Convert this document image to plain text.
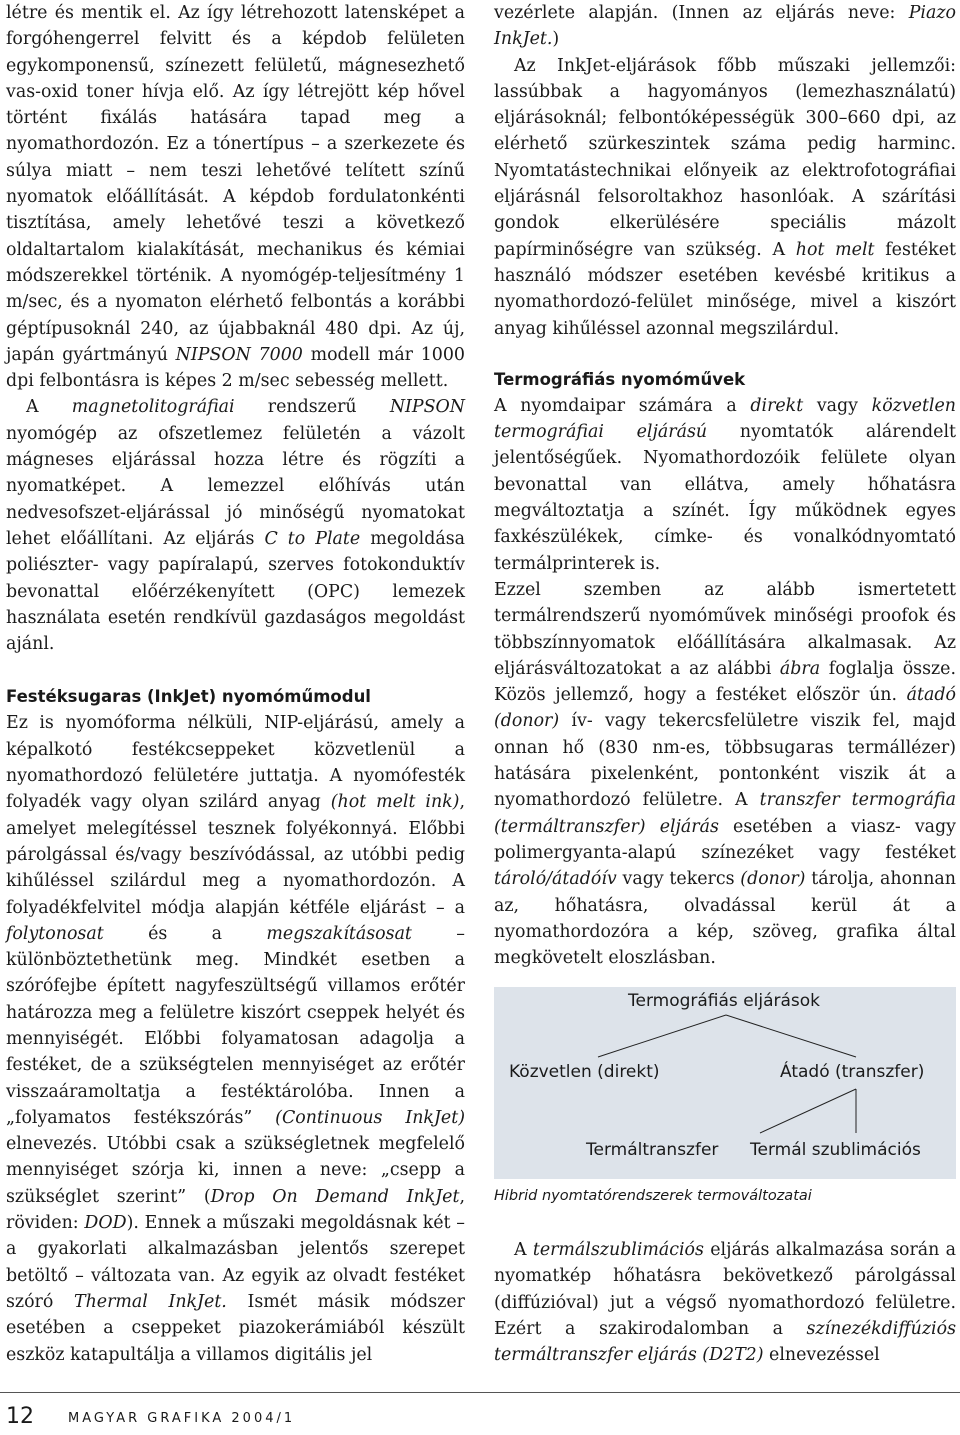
létre és mentik el. Az így létrehozott latensképet a forgóhengerrel felvitt és a képdob felületen egykomponensű, színezett felületű, mágnesezhető vas-oxid toner hívja elő. Az így létrejött kép hővel történt fixálás hatására tapad meg a nyomathordozón. Ez a tónertípus – a szerkezete és súlya miatt – nem teszi lehetővé telített színű nyomatok előállítását. A képdob fordulatonkénti tisztítása, amely lehetővé teszi a következő oldaltartalom kialakítását, mechanikus és kémiai módszerekkel történik. A nyomógép-teljesítmény 1 m/sec, és a nyomaton elérhető felbontás a korábbi géptípusoknál 240, az újabbaknál 480 dpi. Az új, japán gyártmányú NIPSON 7000 modell már 1000 dpi felbontásra is képes 2 m/sec sebesség mellett.

A magnetolitográfiai rendszerű NIPSON nyomógép az ofszetlemez felületén a vázolt mágneses eljárással hozza létre és rögzíti a nyomatképet. A lemezzel előhívás után nedvesofszet-eljárással jó minőségű nyomatokat lehet előállítani. Az eljárás C to Plate megoldása poliészter- vagy papíralapú, szerves fotokonduktív bevonattal előérzékenyített (OPC) lemezek használata esetén rendkívül gazdaságos megoldást ajánl.

Festéksugaras (InkJet) nyomóműmodul

Ez is nyomóforma nélküli, NIP-eljárású, amely a képalkotó festékcseppeket közvetlenül a nyomathordozó felületére juttatja. A nyomófesték folyadék vagy olyan szilárd anyag (hot melt ink), amelyet melegítéssel tesznek folyékonnyá. Előbbi párolgással és/vagy beszívódással, az utóbbi pedig kihűléssel szilárdul meg a nyomathordozón. A folyadékfelvitel módja alapján kétféle eljárást – a folytonosat és a megszakításosat – különböztethetünk meg. Mindkét esetben a szórófejbe épített nagyfeszültségű villamos erőtér határozza meg a felületre kiszórt cseppek helyét és mennyiségét. Előbbi folyamatosan adagolja a festéket, de a szükségtelen mennyiséget az erőtér visszaáramoltatja a festéktárolóba. Innen a „folyamatos festékszórás” (Continuous InkJet) elnevezés. Utóbbi csak a szükségletnek megfelelő mennyiséget szórja ki, innen a neve: „csepp a szükséglet szerint” (Drop On Demand InkJet, röviden: DOD). Ennek a műszaki megoldásnak két – a gyakorlati alkalmazásban jelentős szerepet betöltő – változata van. Az egyik az olvadt festéket szóró Thermal InkJet. Ismét másik módszer esetében a cseppeket piazokerámiából készült eszköz katapultálja a villamos digitális jel

vezérlete alapján. (Innen az eljárás neve: Piazo InkJet.)

Az InkJet-eljárások főbb műszaki jellemzői: lassúbbak a hagyományos (lemezhasználatú) eljárásoknál; felbontóképességük 300–660 dpi, az elérhető szürkeszintek száma pedig harminc. Nyomtatástechnikai előnyeik az elektrofotográfiai eljárásnál felsoroltakhoz hasonlóak. A szárítási gondok elkerülésére speciális mázolt papírminőségre van szükség. A hot melt festéket használó módszer esetében kevésbé kritikus a nyomathordozó-felület minősége, mivel a kiszórt anyag kihűléssel azonnal megszilárdul.

Termográfiás nyomóművek

A nyomdaipar számára a direkt vagy közvetlen termográfiai eljárású nyomtatók alárendelt jelentőségűek. Nyomathordozóik felülete olyan bevonattal van ellátva, amely hőhatásra megváltoztatja a színét. Így működnek egyes faxkészülékek, címke- és vonalkódnyomtató termálprinterek is.

Ezzel szemben az alább ismertetett termálrendszerű nyomóművek minőségi proofok és többszínnyomatok előállítására alkalmasak. Az eljárásváltozatokat a az alábbi ábra foglalja össze. Közös jellemző, hogy a festéket először ún. átadó (donor) ív- vagy tekercsfelületre viszik fel, majd onnan hő (830 nm-es, többsugaras termállézer) hatására pixelenként, pontonként viszik át a nyomathordozó felületre. A transzfer termográfia (termáltranszfer) eljárás esetében a viasz- vagy polimergyanta-alapú színezéket vagy festéket tároló/átadóív vagy tekercs (donor) tárolja, ahonnan az, hőhatásra, olvadással kerül át a nyomathordozóra a kép, szöveg, grafika által megkövetelt eloszlásban.

Termográfiás eljárások
Közvetlen (direkt)	Átadó (transzfer)
Termáltranszfer Termál szublimációs
Hibrid nyomtatórendszerek termováltozatai

A termálszublimációs eljárás alkalmazása során a nyomatkép hőhatásra bekövetkező párolgással (diffúzióval) jut a végső nyomathordozó felületre. Ezért a szakirodalomban a színezékdiffúziós termáltranszfer eljárás (D2T2) elnevezéssel

12	MAGYAR GRAFIKA 2004/1
